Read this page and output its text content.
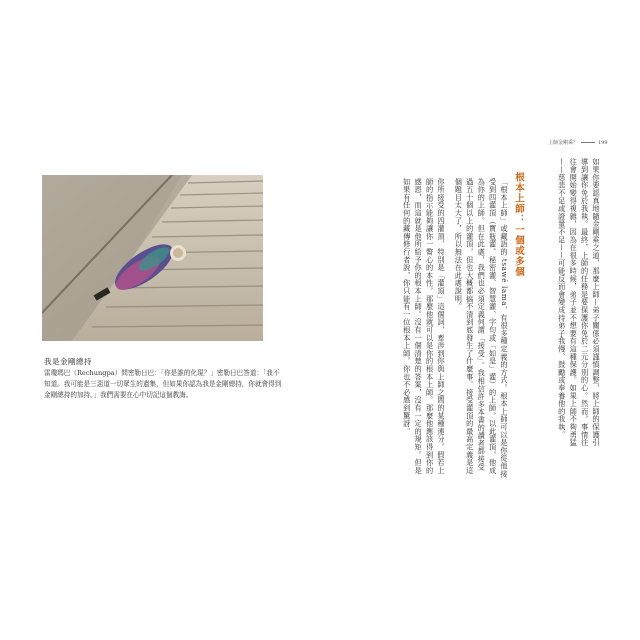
我是金剛總持

雷瓊瑪巴（Rechungpa）問密勒日巴：「你是誰的化現？」密勒日巴答道：「我不知道。我可能是三惡道一切眾生的遺集，但如果你認為我是金剛總持，你就會得到金剛總持的加持。」我們需要在心中切記這個教誨。

上師金剛乘？	199

如果你要認真地隨金剛乘之道，那麼上師—弟子關係必須謹慎調整，將上師的保護引導到讓你免於我執。最終，上師的任務是要保護你免於二元分別的心。然而，事情往往會開始變得複雜，因為在很多時候，弟子並不想要有這種保護。如果上師不夠勇猛——慈悲不足或證量不足——可能反而會變成持弟子我慢、鼓勵或奉養他的我執。

根本上師：一個或多個

「根本上師」或藏語的 tsawé lama，有很多種定義的方式。根本上師可以是你從他接受到四灌頂（寶瓶灌、秘密灌、智慧灌、字句或「如是」灌）的上師，以此灌頂，他成為你的上師。但在此處，我們也必須定義何謂「接受」。我相信許多本書的讀者都接受過五十個以上的灌頂，但也大概都搞不清到底發生了什麼事。接受灌頂的最高定義是這個題目太大了，所以無法在此處說明。

你所接受的四灌頂，特別是「灌頂」這個詞，牽涉到你與上師之間的某種連分。假若上師的指示能夠讓你一瞥心的本性，那麼他就可以是你的根本上師。那麼他應該得到你的感恩，而這就是他所給予你的根本上師。沒有一個清楚的答案，沒有一定的規矩。但是如果有任何的藏傳修行者說，你只能有一位根本上師，你也不必感到驚訝。
